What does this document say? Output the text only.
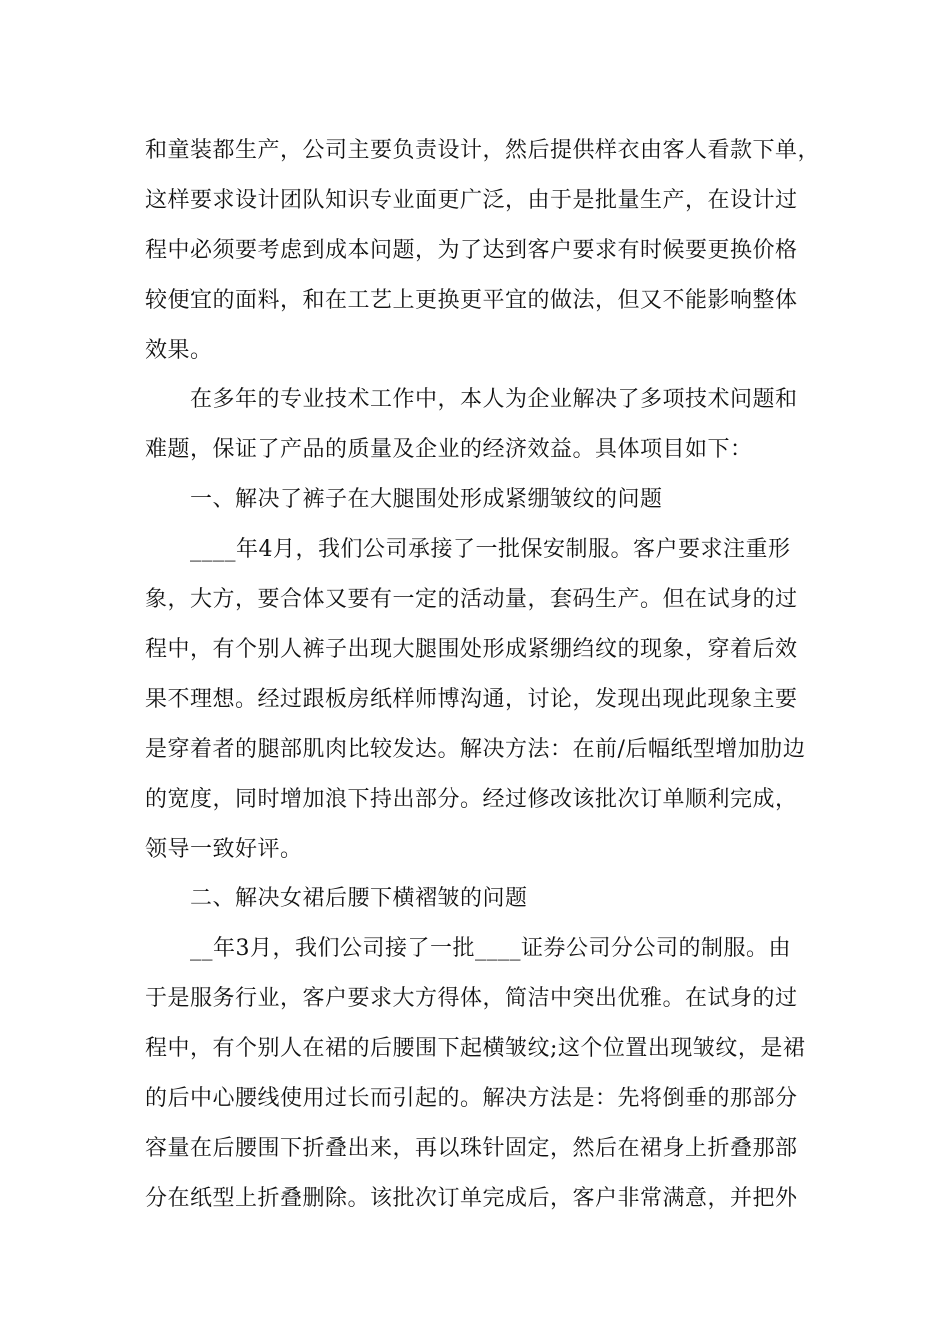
和童装都生产，公司主要负责设计，然后提供样衣由客人看款下单，
这样要求设计团队知识专业面更广泛，由于是批量生产，在设计过
程中必须要考虑到成本问题，为了达到客户要求有时候要更换价格
较便宜的面料，和在工艺上更换更平宜的做法，但又不能影响整体
效果。
在多年的专业技术工作中，本人为企业解决了多项技术问题和
难题，保证了产品的质量及企业的经济效益。具体项目如下：
一、解决了裤子在大腿围处形成紧绷皱纹的问题
____年4月，我们公司承接了一批保安制服。客户要求注重形
象，大方，要合体又要有一定的活动量，套码生产。但在试身的过
程中，有个别人裤子出现大腿围处形成紧绷绉纹的现象，穿着后效
果不理想。经过跟板房纸样师博沟通，讨论，发现出现此现象主要
是穿着者的腿部肌肉比较发达。解决方法：在前/后幅纸型增加肋边
的宽度，同时增加浪下持出部分。经过修改该批次订单顺利完成，
领导一致好评。
二、解决女裙后腰下横褶皱的问题
__年3月，我们公司接了一批____证券公司分公司的制服。由
于是服务行业，客户要求大方得体，简洁中突出优雅。在试身的过
程中，有个别人在裙的后腰围下起横皱纹;这个位置出现皱纹，是裙
的后中心腰线使用过长而引起的。解决方法是：先将倒垂的那部分
容量在后腰围下折叠出来，再以珠针固定，然后在裙身上折叠那部
分在纸型上折叠删除。该批次订单完成后，客户非常满意，并把外
